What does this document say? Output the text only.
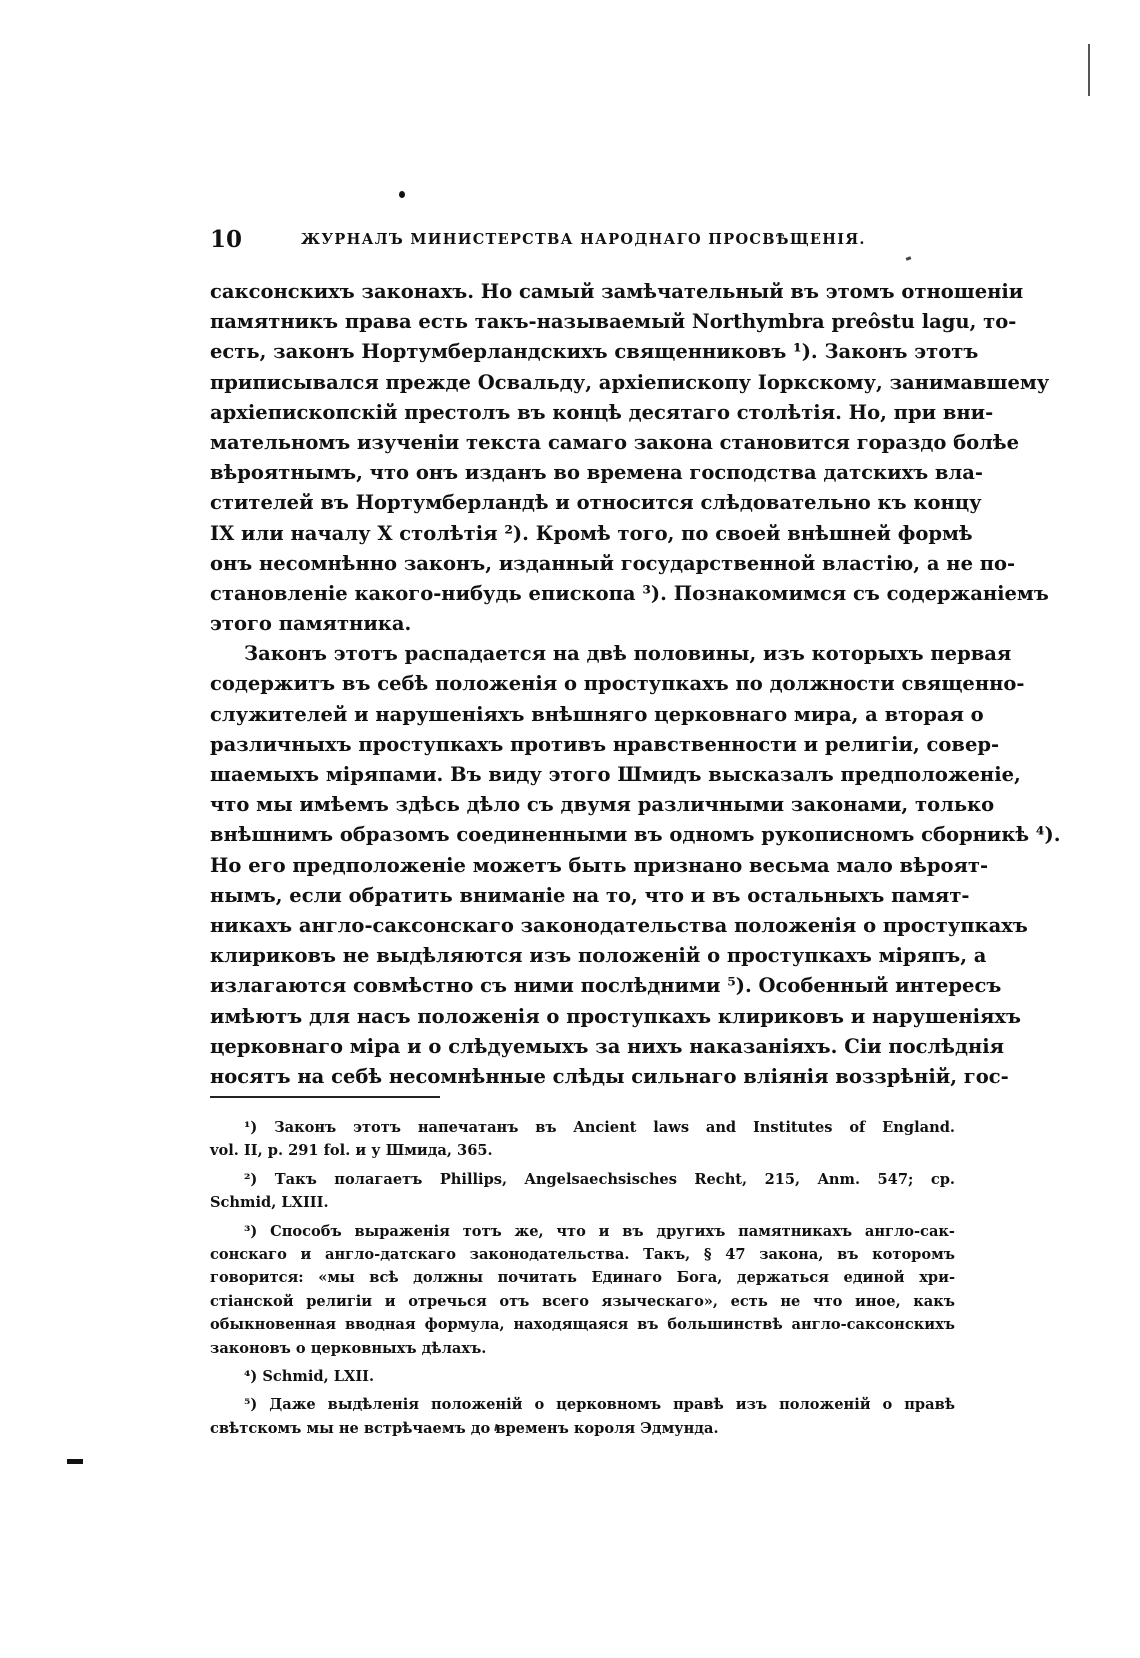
10	ЖУРНАЛЪ МИНИСТЕРСТВА НАРОДНАГО ПРОСВѢЩЕНІЯ.
саксонскихъ законахъ. Но самый замѣчательный въ этомъ отношеніи
памятникъ права есть такъ-называемый Northymbra preôstu lagu, то-
есть, законъ Нортумберландскихъ священниковъ ¹). Законъ этотъ
приписывался прежде Освальду, архіепископу Іоркскому, занимавшему
архіепископскій престолъ въ концѣ десятаго столѣтія. Но, при вни-
мательномъ изученіи текста самаго закона становится гораздо болѣе
вѣроятнымъ, что онъ изданъ во времена господства датскихъ вла-
стителей въ Нортумберландѣ и относится слѣдовательно къ концу
IX или началу X столѣтія ²). Кромѣ того, по своей внѣшней формѣ
онъ несомнѣнно законъ, изданный государственной властію, а не по-
становленіе какого-нибудь епископа ³). Познакомимся съ содержаніемъ
этого памятника.
Законъ этотъ распадается на двѣ половины, изъ которыхъ первая
содержитъ въ себѣ положенія о проступкахъ по должности священно-
служителей и нарушеніяхъ внѣшняго церковнаго мира, а вторая о
различныхъ проступкахъ противъ нравственности и религіи, совер-
шаемыхъ міряпами. Въ виду этого Шмидъ высказалъ предположеніе,
что мы имѣемъ здѣсь дѣло съ двумя различными законами, только
внѣшнимъ образомъ соединенными въ одномъ рукописномъ сборникѣ ⁴).
Но его предположеніе можетъ быть признано весьма мало вѣроят-
нымъ, если обратить вниманіе на то, что и въ остальныхъ памят-
никахъ англо-саксонскаго законодательства положенія о проступкахъ
клириковъ не выдѣляются изъ положеній о проступкахъ міряпъ, а
излагаются совмѣстно съ ними послѣдними ⁵). Особенный интересъ
имѣютъ для насъ положенія о проступкахъ клириковъ и нарушеніяхъ
церковнаго міра и о слѣдуемыхъ за нихъ наказаніяхъ. Сіи послѣднія
носятъ на себѣ несомнѣнные слѣды сильнаго вліянія воззрѣній, гос-
¹) Законъ этотъ напечатанъ въ Ancient laws and Institutes of England.
vol. II, p. 291 fol. и у Шмида, 365.
²) Такъ полагаетъ Phillips, Angelsaechsisches Recht, 215, Anm. 547; ср.
Schmid, LXIII.
³) Способъ выраженія тотъ же, что и въ другихъ памятникахъ англо-сак-
сонскаго и англо-датскаго законодательства. Такъ, § 47 закона, въ которомъ
говорится: «мы всѣ должны почитать Единаго Бога, держаться единой хри-
стіанской религіи и отречься отъ всего языческаго», есть не что иное, какъ
обыкновенная вводная формула, находящаяся въ большинствѣ англо-саксонскихъ
законовъ о церковныхъ дѣлахъ.
⁴) Schmid, LXII.
⁵) Даже выдѣленія положеній о церковномъ правѣ изъ положеній о правѣ
свѣтскомъ мы не встрѣчаемъ до временъ короля Эдмунда.
